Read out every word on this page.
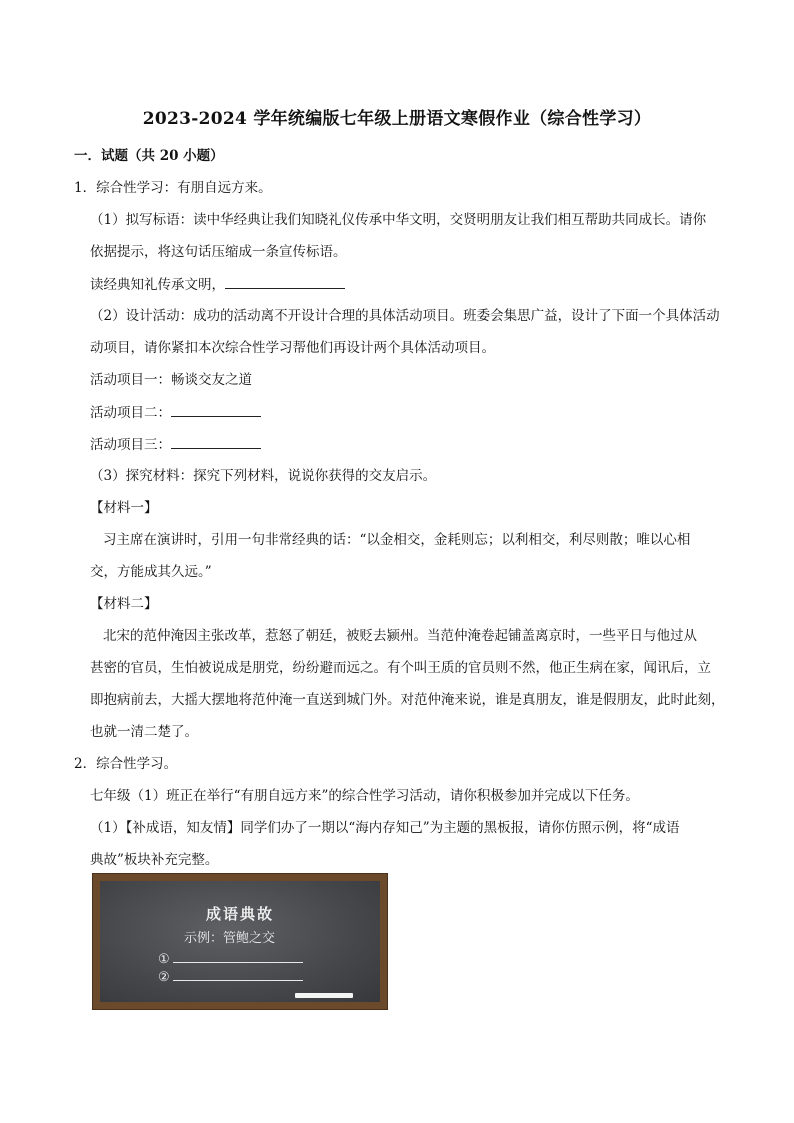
2023-2024 学年统编版七年级上册语文寒假作业（综合性学习）
一．试题（共 20 小题）
1．综合性学习：有朋自远方来。
（1）拟写标语：读中华经典让我们知晓礼仪传承中华文明，交贤明朋友让我们相互帮助共同成长。请你
依据提示，将这句话压缩成一条宣传标语。
读经典知礼传承文明，
（2）设计活动：成功的活动离不开设计合理的具体活动项目。班委会集思广益，设计了下面一个具体活动
动项目，请你紧扣本次综合性学习帮他们再设计两个具体活动项目。
活动项目一：畅谈交友之道
活动项目二：
活动项目三：
（3）探究材料：探究下列材料，说说你获得的交友启示。
【材料一】
习主席在演讲时，引用一句非常经典的话：“以金相交，金耗则忘；以利相交，利尽则散；唯以心相
交，方能成其久远。”
【材料二】
北宋的范仲淹因主张改革，惹怒了朝廷，被贬去颍州。当范仲淹卷起铺盖离京时，一些平日与他过从
甚密的官员，生怕被说成是朋党，纷纷避而远之。有个叫王质的官员则不然，他正生病在家，闻讯后，立
即抱病前去，大摇大摆地将范仲淹一直送到城门外。对范仲淹来说，谁是真朋友，谁是假朋友，此时此刻，
也就一清二楚了。
2．综合性学习。
七年级（1）班正在举行“有朋自远方来”的综合性学习活动，请你积极参加并完成以下任务。
（1）【补成语，知友情】同学们办了一期以“海内存知己”为主题的黑板报，请你仿照示例，将“成语
典故”板块补充完整。
成语典故
示例：管鲍之交
①
②
